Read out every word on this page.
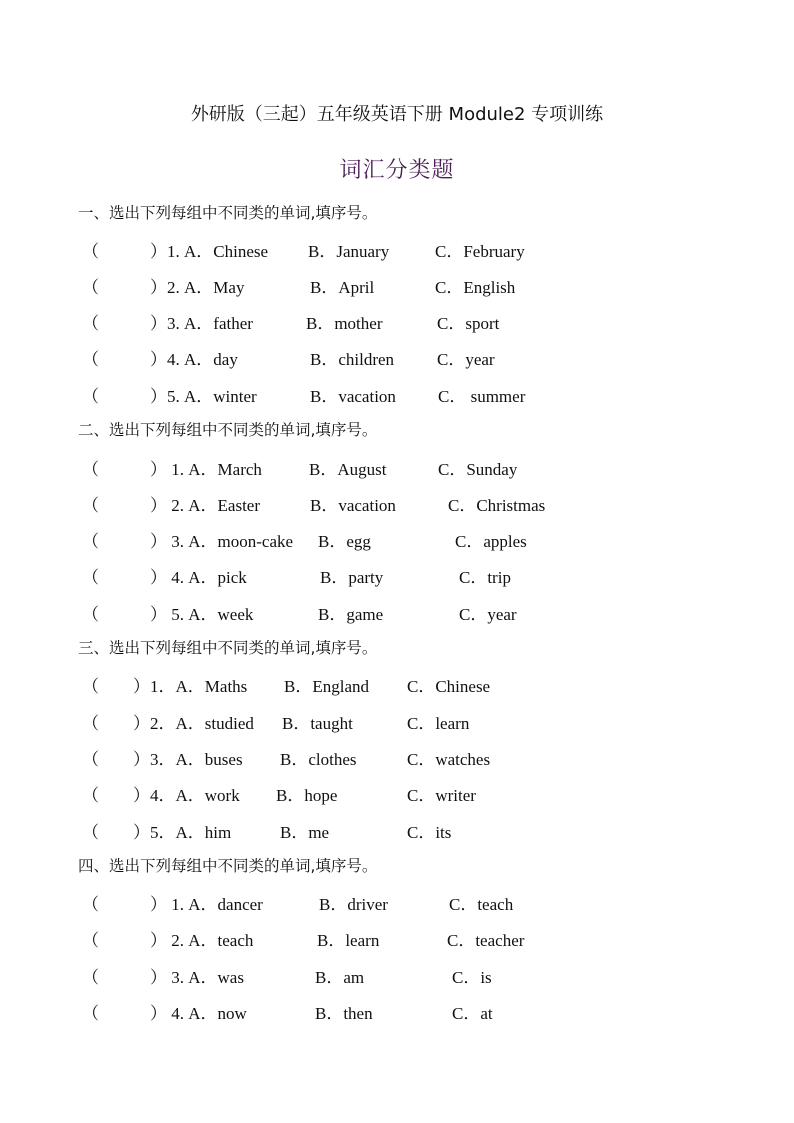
外研版（三起）五年级英语下册 Module2 专项训练
词汇分类题
一、选出下列每组中不同类的单词,填序号。
（　　　）1. A．Chinese B．January	C．February
（　　　）2. A．May	B．April	C．English
（　　　）3. A．father	B．mother	C．sport
（　　　）4. A．day	B．children	C．year
（　　　）5. A．winter	B．vacation C． summer
二、选出下列每组中不同类的单词,填序号。
（　　　） 1. A．March	B．August	C．Sunday
（　　　） 2. A．Easter	B．vacation	C．Christmas
（　　　） 3. A．moon-cake B．egg	C．apples
（　　　） 4. A．pick	B．party	C．trip
（　　　） 5. A．week	B．game	C．year
三、选出下列每组中不同类的单词,填序号。
（　　）1．A．Maths B．England C．Chinese
（　　）2．A．studied B．taught	C．learn
（　　）3．A．buses B．clothes	C．watches
（　　）4．A．work B．hope	C．writer
（　　）5．A．him	B．me	C．its
四、选出下列每组中不同类的单词,填序号。
（　　　） 1. A．dancer	B．driver	C．teach
（　　　） 2. A．teach	B．learn	C．teacher
（　　　） 3. A．was	B．am	C．is
（　　　） 4. A．now	B．then	C．at
